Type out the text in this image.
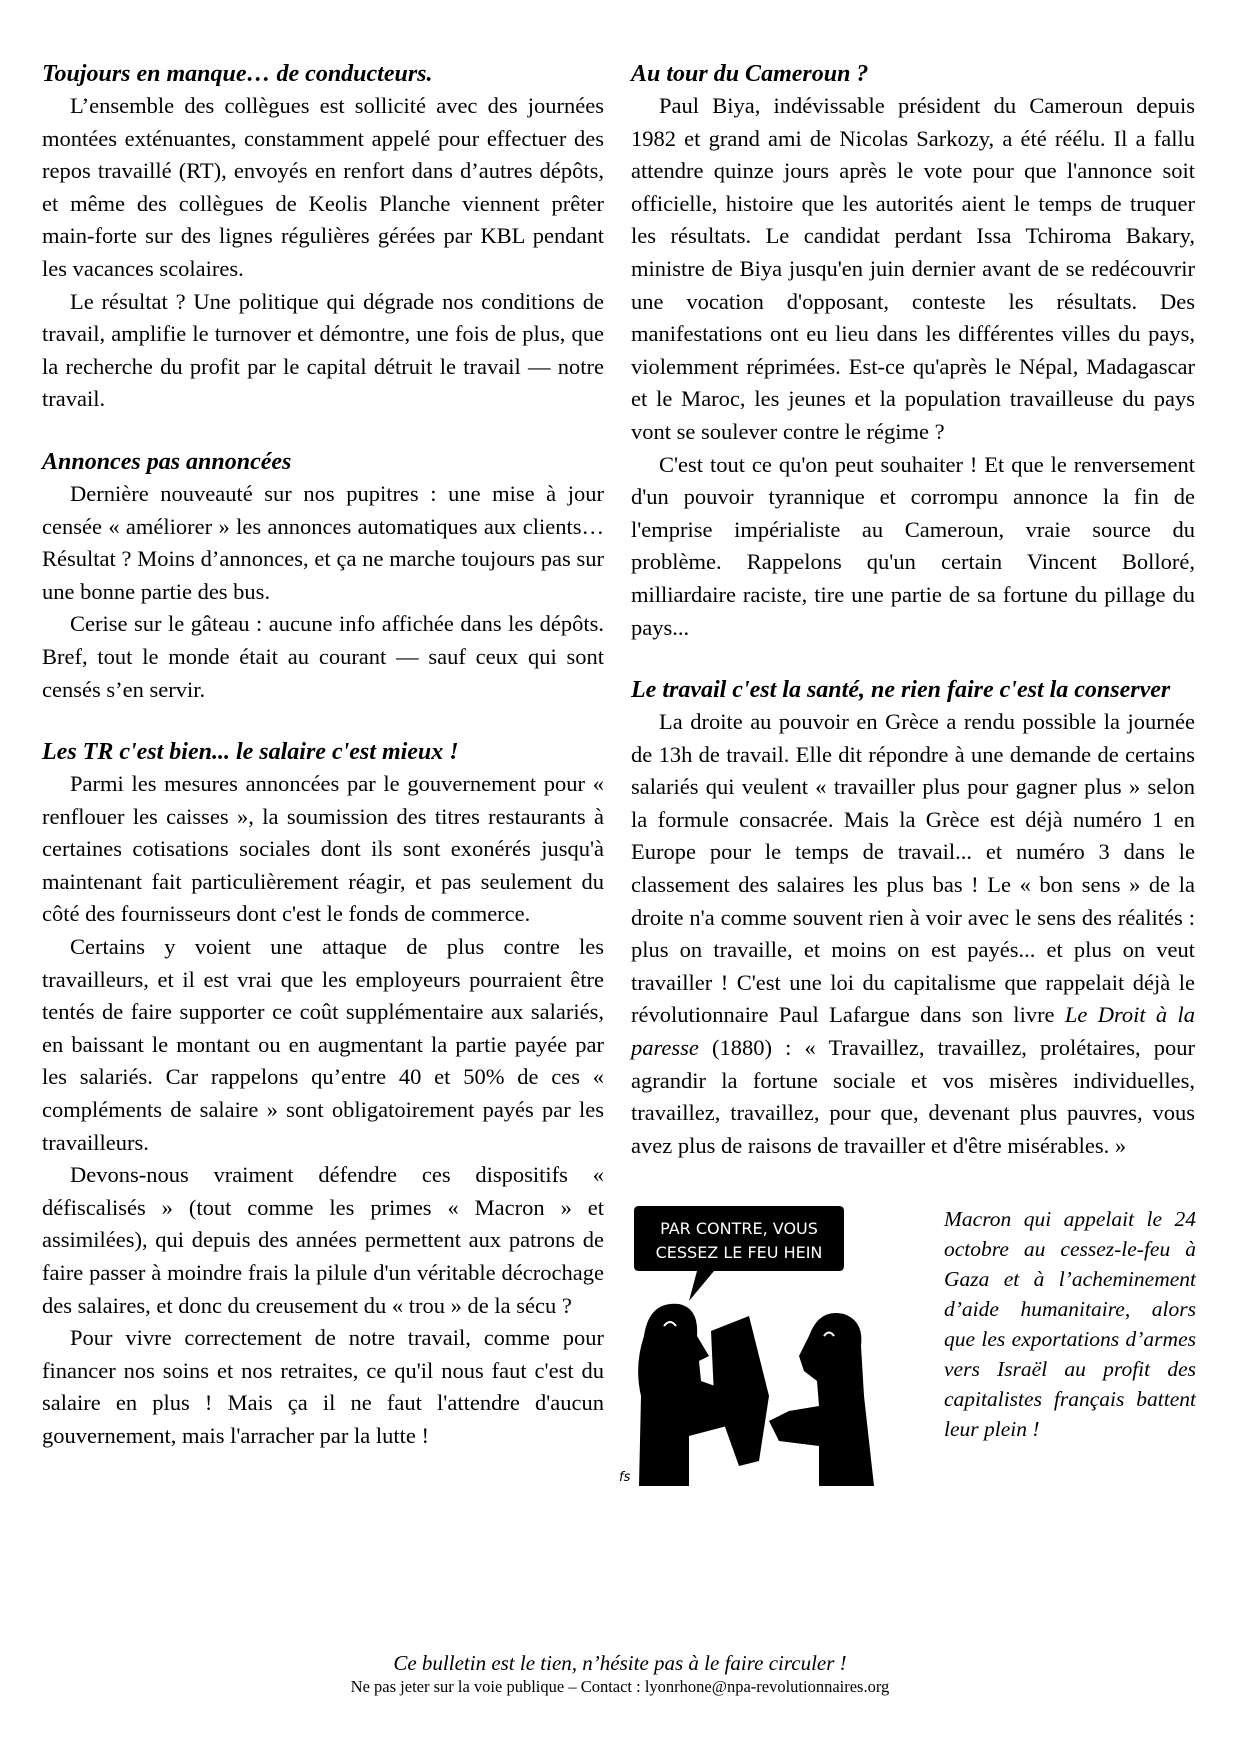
Toujours en manque… de conducteurs.

L’ensemble des collègues est sollicité avec des journées montées exténuantes, constamment appelé pour effectuer des repos travaillé (RT), envoyés en renfort dans d’autres dépôts, et même des collègues de Keolis Planche viennent prêter main-forte sur des lignes régulières gérées par KBL pendant les vacances scolaires.

Le résultat ? Une politique qui dégrade nos conditions de travail, amplifie le turnover et démontre, une fois de plus, que la recherche du profit par le capital détruit le travail — notre travail.

Annonces pas annoncées

Dernière nouveauté sur nos pupitres : une mise à jour censée « améliorer » les annonces automatiques aux clients… Résultat ? Moins d’annonces, et ça ne marche toujours pas sur une bonne partie des bus.

Cerise sur le gâteau : aucune info affichée dans les dépôts. Bref, tout le monde était au courant — sauf ceux qui sont censés s’en servir.

Les TR c'est bien... le salaire c'est mieux !

Parmi les mesures annoncées par le gouvernement pour « renflouer les caisses », la soumission des titres restaurants à certaines cotisations sociales dont ils sont exonérés jusqu'à maintenant fait particulièrement réagir, et pas seulement du côté des fournisseurs dont c'est le fonds de commerce.

Certains y voient une attaque de plus contre les travailleurs, et il est vrai que les employeurs pourraient être tentés de faire supporter ce coût supplémentaire aux salariés, en baissant le montant ou en augmentant la partie payée par les salariés. Car rappelons qu’entre 40 et 50% de ces « compléments de salaire » sont obligatoirement payés par les travailleurs.

Devons-nous vraiment défendre ces dispositifs « défiscalisés » (tout comme les primes « Macron » et assimilées), qui depuis des années permettent aux patrons de faire passer à moindre frais la pilule d'un véritable décrochage des salaires, et donc du creusement du « trou » de la sécu ?

Pour vivre correctement de notre travail, comme pour financer nos soins et nos retraites, ce qu'il nous faut c'est du salaire en plus ! Mais ça il ne faut l'attendre d'aucun gouvernement, mais l'arracher par la lutte !

Au tour du Cameroun ?

Paul Biya, indévissable président du Cameroun depuis 1982 et grand ami de Nicolas Sarkozy, a été réélu. Il a fallu attendre quinze jours après le vote pour que l'annonce soit officielle, histoire que les autorités aient le temps de truquer les résultats. Le candidat perdant Issa Tchiroma Bakary, ministre de Biya jusqu'en juin dernier avant de se redécouvrir une vocation d'opposant, conteste les résultats. Des manifestations ont eu lieu dans les différentes villes du pays, violemment réprimées. Est-ce qu'après le Népal, Madagascar et le Maroc, les jeunes et la population travailleuse du pays vont se soulever contre le régime ?

C'est tout ce qu'on peut souhaiter ! Et que le renversement d'un pouvoir tyrannique et corrompu annonce la fin de l'emprise impérialiste au Cameroun, vraie source du problème. Rappelons qu'un certain Vincent Bolloré, milliardaire raciste, tire une partie de sa fortune du pillage du pays...

Le travail c'est la santé, ne rien faire c'est la conserver

La droite au pouvoir en Grèce a rendu possible la journée de 13h de travail. Elle dit répondre à une demande de certains salariés qui veulent « travailler plus pour gagner plus » selon la formule consacrée. Mais la Grèce est déjà numéro 1 en Europe pour le temps de travail... et numéro 3 dans le classement des salaires les plus bas ! Le « bon sens » de la droite n'a comme souvent rien à voir avec le sens des réalités : plus on travaille, et moins on est payés... et plus on veut travailler ! C'est une loi du capitalisme que rappelait déjà le révolutionnaire Paul Lafargue dans son livre Le Droit à la paresse (1880) : « Travaillez, travaillez, prolétaires, pour agrandir la fortune sociale et vos misères individuelles, travaillez, travaillez, pour que, devenant plus pauvres, vous avez plus de raisons de travailler et d'être misérables. »

PAR CONTRE, VOUS
CESSEZ LE FEU HEIN
fs
Macron qui appelait le 24 octobre au cessez-le-feu à Gaza et à l’acheminement d’aide humanitaire, alors que les exportations d’armes vers Israël au profit des capitalistes français battent leur plein !
Ce bulletin est le tien, n’hésite pas à le faire circuler !
Ne pas jeter sur la voie publique – Contact : lyonrhone@npa-revolutionnaires.org
